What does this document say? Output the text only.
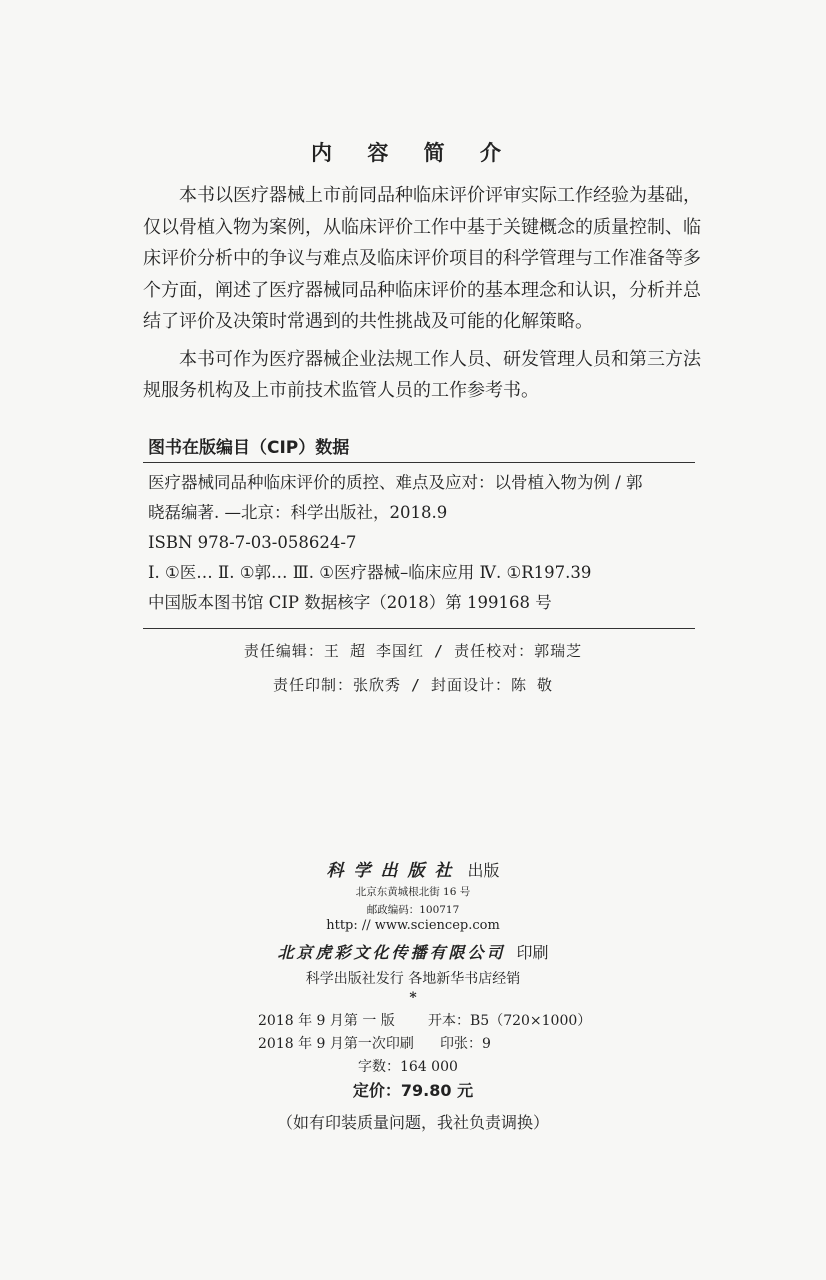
内 容 简 介

本书以医疗器械上市前同品种临床评价评审实际工作经验为基础，仅以骨植入物为案例，从临床评价工作中基于关键概念的质量控制、临床评价分析中的争议与难点及临床评价项目的科学管理与工作准备等多个方面，阐述了医疗器械同品种临床评价的基本理念和认识，分析并总结了评价及决策时常遇到的共性挑战及可能的化解策略。

本书可作为医疗器械企业法规工作人员、研发管理人员和第三方法规服务机构及上市前技术监管人员的工作参考书。

图书在版编目（CIP）数据
医疗器械同品种临床评价的质控、难点及应对：以骨植入物为例 / 郭
晓磊编著. —北京：科学出版社，2018.9
ISBN 978-7-03-058624-7
Ⅰ. ①医… Ⅱ. ①郭… Ⅲ. ①医疗器械–临床应用 Ⅳ. ①R197.39
中国版本图书馆 CIP 数据核字（2018）第 199168 号
责任编辑：王 超 李国红 / 责任校对：郭瑞芝
责任印制：张欣秀 / 封面设计：陈 敬
科学出版社 出版
北京东黄城根北街 16 号
邮政编码：100717
http: // www.sciencep.com
北京虎彩文化传播有限公司 印刷
科学出版社发行 各地新华书店经销
*
2018 年 9 月第 一 版 开本：B5（720×1000）
2018 年 9 月第一次印刷 印张：9
字数：164 000
定价：79.80 元
（如有印装质量问题，我社负责调换）
